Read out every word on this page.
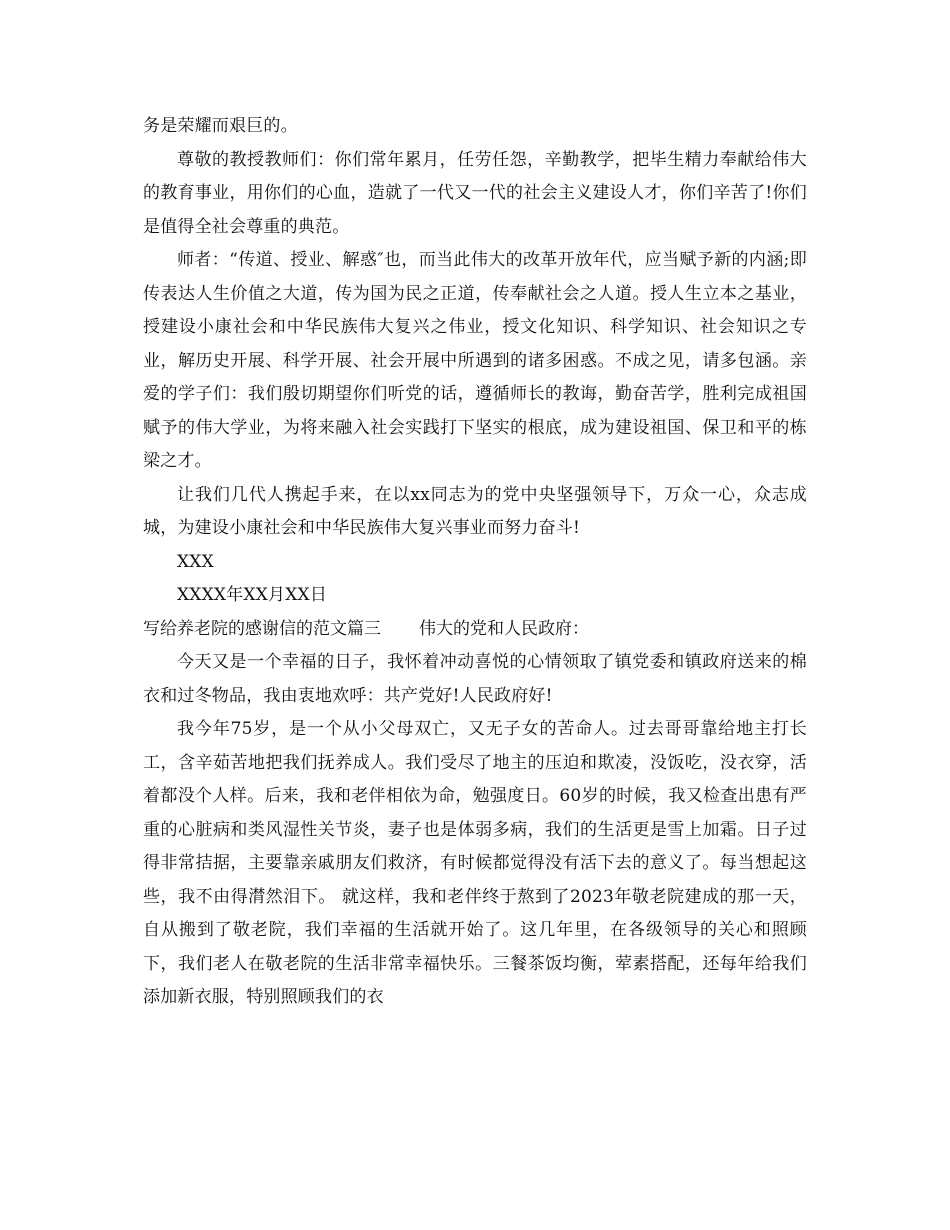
务是荣耀而艰巨的。

尊敬的教授教师们：你们常年累月，任劳任怨，辛勤教学，把毕生精力奉献给伟大的教育事业，用你们的心血，造就了一代又一代的社会主义建设人才，你们辛苦了!你们是值得全社会尊重的典范。

师者：“传道、授业、解惑″也，而当此伟大的改革开放年代，应当赋予新的内涵;即传表达人生价值之大道，传为国为民之正道，传奉献社会之人道。授人生立本之基业，授建设小康社会和中华民族伟大复兴之伟业，授文化知识、科学知识、社会知识之专业，解历史开展、科学开展、社会开展中所遇到的诸多困惑。不成之见，请多包涵。亲爱的学子们：我们殷切期望你们听党的话，遵循师长的教诲，勤奋苦学，胜利完成祖国赋予的伟大学业，为将来融入社会实践打下坚实的根底，成为建设祖国、保卫和平的栋梁之才。

让我们几代人携起手来，在以xx同志为的党中央坚强领导下，万众一心，众志成城，为建设小康社会和中华民族伟大复兴事业而努力奋斗!

XXX

XXXX年XX月XX日

写给养老院的感谢信的范文篇三 伟大的党和人民政府：

今天又是一个幸福的日子，我怀着冲动喜悦的心情领取了镇党委和镇政府送来的棉衣和过冬物品，我由衷地欢呼：共产党好!人民政府好!

我今年75岁，是一个从小父母双亡，又无子女的苦命人。过去哥哥靠给地主打长工，含辛茹苦地把我们抚养成人。我们受尽了地主的压迫和欺凌，没饭吃，没衣穿，活着都没个人样。后来，我和老伴相依为命，勉强度日。60岁的时候，我又检查出患有严重的心脏病和类风湿性关节炎，妻子也是体弱多病，我们的生活更是雪上加霜。日子过得非常拮据，主要靠亲戚朋友们救济，有时候都觉得没有活下去的意义了。每当想起这些，我不由得潸然泪下。 就这样，我和老伴终于熬到了2023年敬老院建成的那一天，自从搬到了敬老院，我们幸福的生活就开始了。这几年里，在各级领导的关心和照顾下，我们老人在敬老院的生活非常幸福快乐。三餐茶饭均衡，荤素搭配，还每年给我们添加新衣服，特别照顾我们的衣
